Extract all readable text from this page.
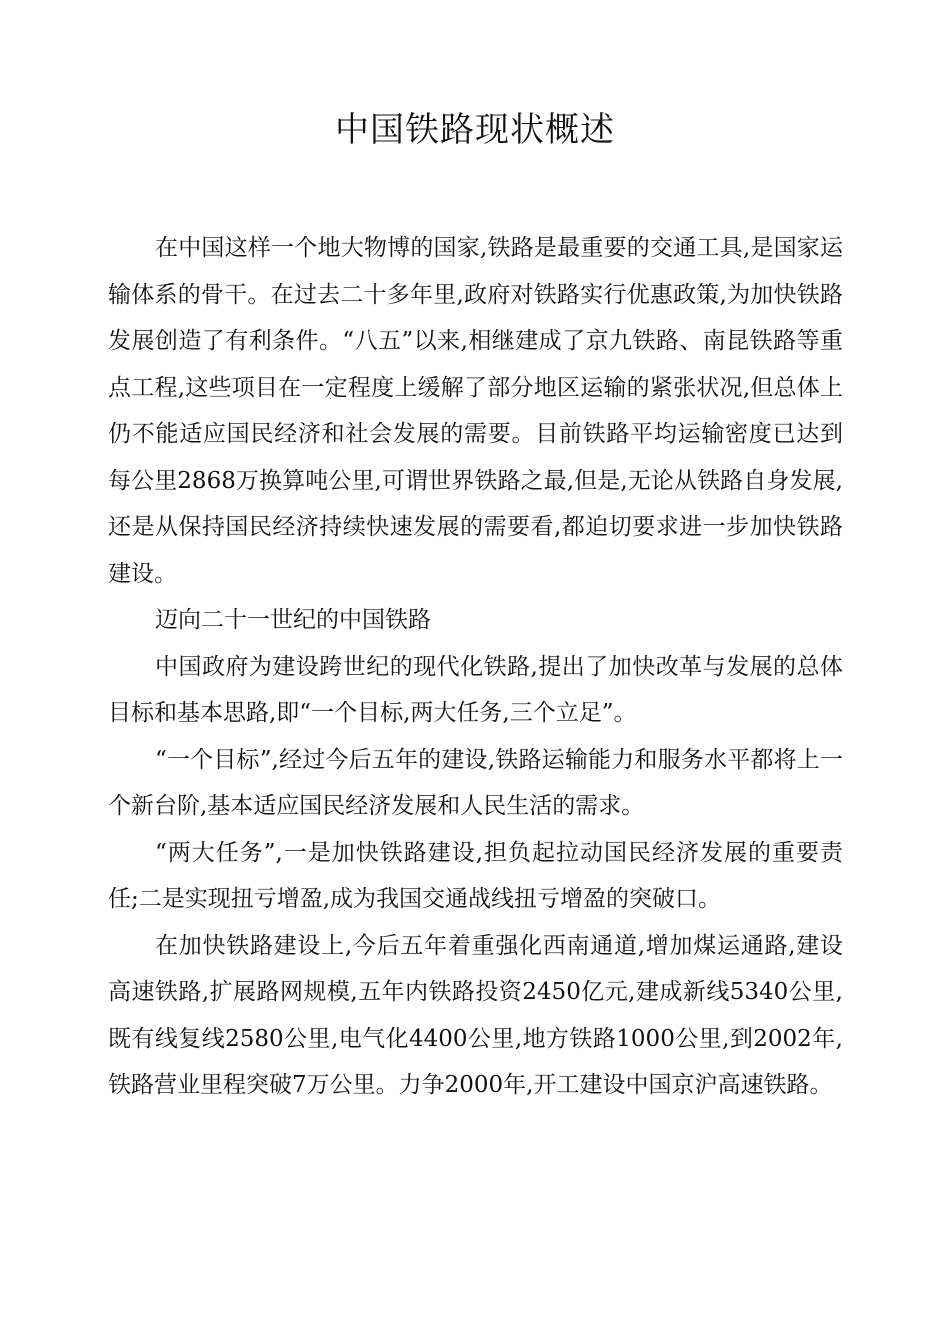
中国铁路现状概述

在中国这样一个地大物博的国家,铁路是最重要的交通工具,是国家运输体系的骨干。在过去二十多年里,政府对铁路实行优惠政策,为加快铁路发展创造了有利条件。“八五”以来,相继建成了京九铁路、南昆铁路等重点工程,这些项目在一定程度上缓解了部分地区运输的紧张状况,但总体上仍不能适应国民经济和社会发展的需要。目前铁路平均运输密度已达到每公里2868万换算吨公里,可谓世界铁路之最,但是,无论从铁路自身发展,还是从保持国民经济持续快速发展的需要看,都迫切要求进一步加快铁路建设。

迈向二十一世纪的中国铁路

中国政府为建设跨世纪的现代化铁路,提出了加快改革与发展的总体目标和基本思路,即“一个目标,两大任务,三个立足”。

“一个目标”,经过今后五年的建设,铁路运输能力和服务水平都将上一个新台阶,基本适应国民经济发展和人民生活的需求。

“两大任务”,一是加快铁路建设,担负起拉动国民经济发展的重要责任;二是实现扭亏增盈,成为我国交通战线扭亏增盈的突破口。

在加快铁路建设上,今后五年着重强化西南通道,增加煤运通路,建设高速铁路,扩展路网规模,五年内铁路投资2450亿元,建成新线5340公里,既有线复线2580公里,电气化4400公里,地方铁路1000公里,到2002年,铁路营业里程突破7万公里。力争2000年,开工建设中国京沪高速铁路。
